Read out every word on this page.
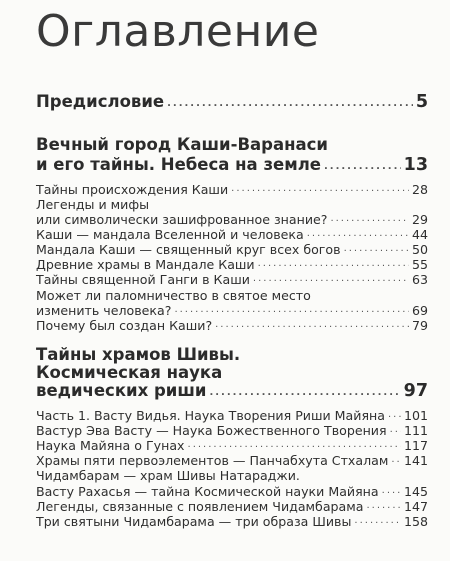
Оглавление
Предисловие .....	5
Вечный город Каши-Варанаси
и его тайны. Небеса на земле .....	13
Тайны происхождения Каши .....	28
Легенды и мифы
или символически зашифрованное знание? .....	29
Каши — мандала Вселенной и человека .....	44
Мандала Каши — священный круг всех богов .....	50
Древние храмы в Мандале Каши .....	55
Тайны священной Ганги в Каши .....	63
Может ли паломничество в святое место
изменить человека? .....	69
Почему был создан Каши? .....	79
Тайны храмов Шивы.
Космическая наука
ведических риши .....	97
Часть 1. Васту Видья. Наука Творения Риши Майяна ..... 101
Вастур Эва Вaсту — Наука Божественного Творения ..... 111
Наука Майяна о Гунах .....	117
Храмы пяти первоэлементов — Панчабхута Стхалам ..... 141
Чидамбарам — храм Шивы Натараджи.
Васту Рахасья — тайна Космической науки Майяна ..... 145
Легенды, связанные с появлением Чидамбарама .....	147
Три святыни Чидамбарама — три образа Шивы .....	158
